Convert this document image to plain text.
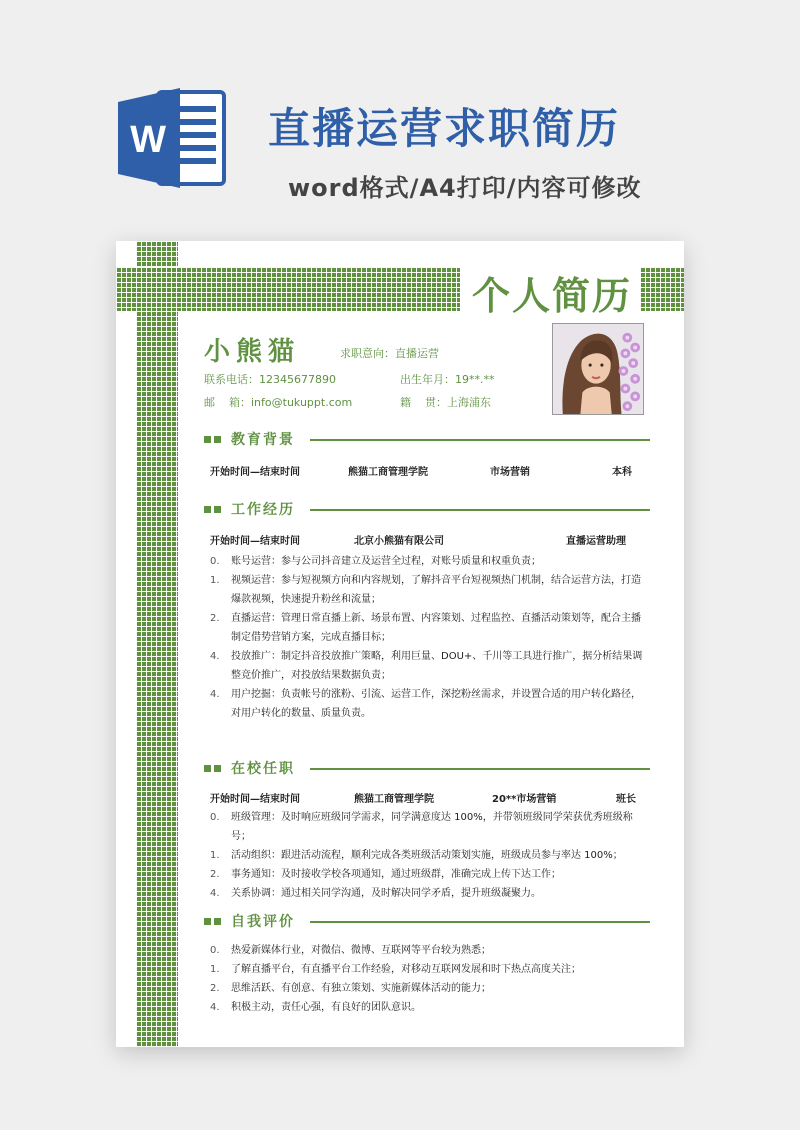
W 直播运营求职简历
word格式/A4打印/内容可修改
个人简历
小熊猫	求职意向：直播运营
联系电话：12345677890
邮    箱：info@tukuppt.com
出生年月：19**.**
籍    贯：上海浦东
教育背景
开始时间—结束时间	熊猫工商管理学院	市场营销	本科
工作经历
开始时间—结束时间	北京小熊猫有限公司	直播运营助理
0.	账号运营：参与公司抖音建立及运营全过程，对账号质量和权重负责；
1.	视频运营：参与短视频方向和内容规划，了解抖音平台短视频热门机制，结合运营方法，打造爆款视频，快速提升粉丝和流量；
2.	直播运营：管理日常直播上新、场景布置、内容策划、过程监控、直播活动策划等，配合主播制定借势营销方案，完成直播目标；
4.	投放推广：制定抖音投放推广策略，利用巨量、DOU+、千川等工具进行推广，据分析结果调整竞价推广，对投放结果数据负责；
4.	用户挖掘：负责帐号的涨粉、引流、运营工作，深挖粉丝需求，并设置合适的用户转化路径，对用户转化的数量、质量负责。
在校任职
开始时间—结束时间	熊猫工商管理学院	20**市场营销	班长
0.	班级管理：及时响应班级同学需求，同学满意度达 100%，并带领班级同学荣获优秀班级称号；
1.	活动组织：跟进活动流程，顺利完成各类班级活动策划实施，班级成员参与率达 100%；
2.	事务通知：及时接收学校各项通知，通过班级群，准确完成上传下达工作；
4.	关系协调：通过相关同学沟通，及时解决同学矛盾，提升班级凝聚力。
自我评价
0.	热爱新媒体行业，对微信、微博、互联网等平台较为熟悉；
1.	了解直播平台，有直播平台工作经验，对移动互联网发展和时下热点高度关注；
2.	思维活跃、有创意、有独立策划、实施新媒体活动的能力；
4.	积极主动，责任心强，有良好的团队意识。
